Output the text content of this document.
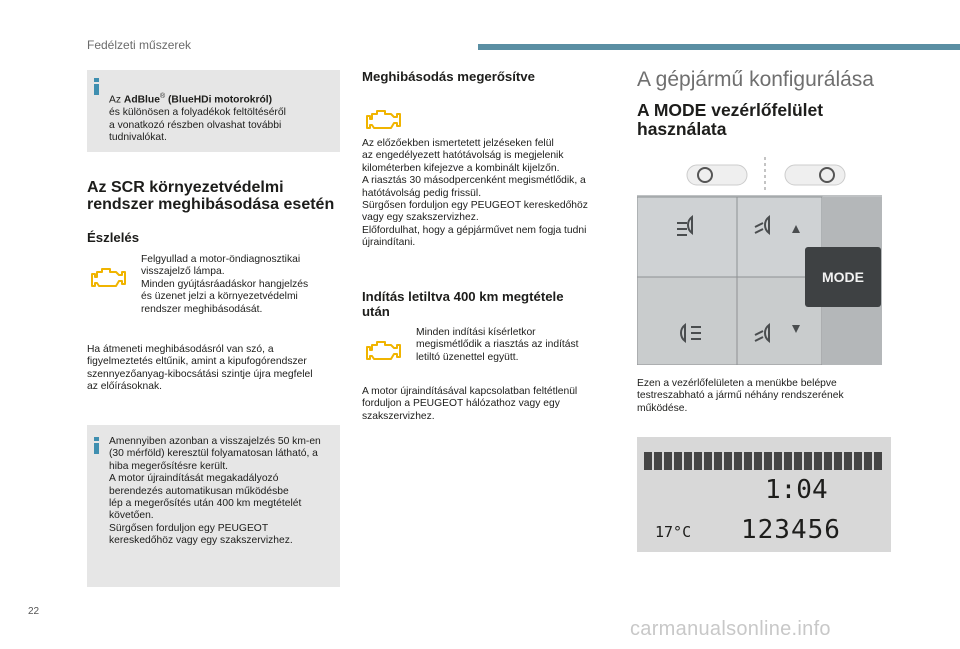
Fedélzeti műszerek

Az AdBlue® (BlueHDi motorokról)
és különösen a folyadékok feltöltéséről
a vonatkozó részben olvashat további
tudnivalókat.

Az SCR környezetvédelmi
rendszer meghibásodása esetén
Észlelés
Felgyullad a motor-öndiagnosztikai
visszajelző lámpa.
Minden gyújtásráadáskor hangjelzés
és üzenet jelzi a környezetvédelmi
rendszer meghibásodását.
Ha átmeneti meghibásodásról van szó, a
figyelmeztetés eltűnik, amint a kipufogórendszer
szennyezőanyag-kibocsátási szintje újra megfelel
az előírásoknak.
Amennyiben azonban a visszajelzés 50 km-en
(30 mérföld) keresztül folyamatosan látható, a
hiba megerősítésre került.
A motor újraindítását megakadályozó
berendezés automatikusan működésbe
lép a megerősítés után 400 km megtételét
követően.
Sürgősen forduljon egy PEUGEOT
kereskedőhöz vagy egy szakszervizhez.
Meghibásodás megerősítve
Az előzőekben ismertetett jelzéseken felül
az engedélyezett hatótávolság is megjelenik
kilométerben kifejezve a kombinált kijelzőn.
A riasztás 30 másodpercenként megismétlődik, a
hatótávolság pedig frissül.
Sürgősen forduljon egy PEUGEOT kereskedőhöz
vagy egy szakszervizhez.
Előfordulhat, hogy a gépjárművet nem fogja tudni
újraindítani.
Indítás letiltva 400 km megtétele
után
Minden indítási kísérletkor
megismétlődik a riasztás az indítást
letiltó üzenettel együtt.
A motor újraindításával kapcsolatban feltétlenül
forduljon a PEUGEOT hálózathoz vagy egy
szakszervizhez.
A gépjármű konfigurálása
A MODE vezérlőfelület
használata
MODE
Ezen a vezérlőfelületen a menükbe belépve
testreszabható a jármű néhány rendszerének
működése.
1:04
17°C 123456
22
carmanualsonline.info
